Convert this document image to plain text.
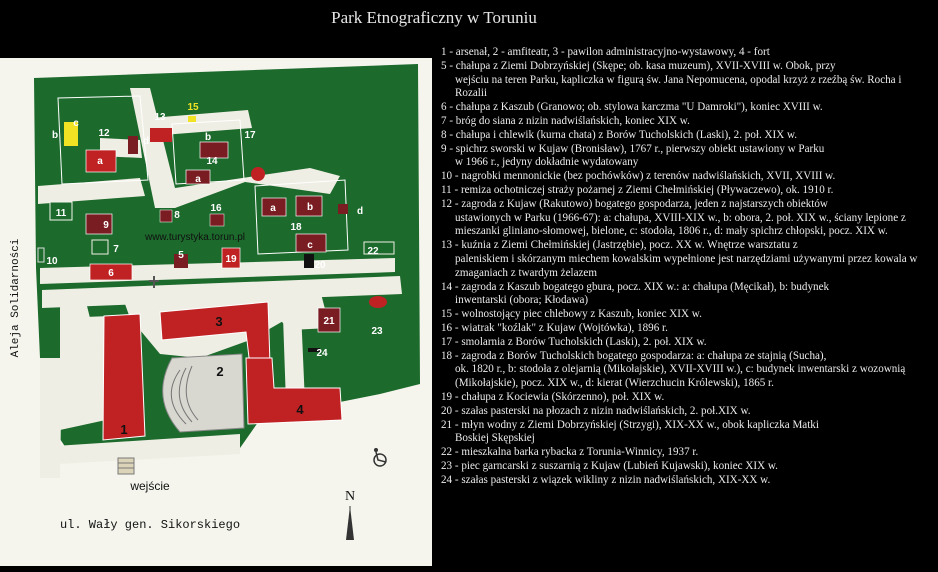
Park Etnograficzny w Toruniu
1
2
3
4
5
6
7
8
9
10
11
12
13
14
15
16
17
18
19
20
21
22
23
24
b
a
d
c
a
b
a	b
c
d
www.turystyka.torun.pl
wejście
ul. Wały gen. Sikorskiego
N
Aleja Solidarności
1 - arsenał, 2 - amfiteatr, 3 - pawilon administracyjno-wystawowy, 4 - fort
5 - chałupa z Ziemi Dobrzyńskiej (Skępe; ob. kasa muzeum), XVII-XVIII w. Obok, przy
wejściu na teren Parku, kapliczka w figurą św. Jana Nepomucena, opodal krzyż z rzeźbą św. Rocha i Rozalii
6 - chałupa z Kaszub (Granowo; ob. stylowa karczma "U Damroki"), koniec XVIII w.
7 - bróg do siana z nizin nadwiślańskich, koniec XIX w.
8 - chałupa i chlewik (kurna chata) z Borów Tucholskich (Laski), 2. poł. XIX w.
9 - spichrz sworski w Kujaw (Bronisław), 1767 r., pierwszy obiekt ustawiony w Parku
w 1966 r., jedyny dokładnie wydatowany
10 - nagrobki mennonickie (bez pochówków) z terenów nadwiślańskich, XVII, XVIII w.
11 - remiza ochotniczej straży pożarnej z Ziemi Chełmińskiej (Pływaczewo), ok. 1910 r.
12 - zagroda z Kujaw (Rakutowo) bogatego gospodarza, jeden z najstarszych obiektów
ustawionych w Parku (1966-67): a: chałupa, XVIII-XIX w., b: obora, 2. poł. XIX w., ściany lepione z mieszanki gliniano-słomowej, bielone, c: stodoła, 1806 r., d: mały spichrz chłopski, pocz. XIX w.
13 - kuźnia z Ziemi Chełmińskiej (Jastrzębie), pocz. XX w. Wnętrze warsztatu z
paleniskiem i skórzanym miechem kowalskim wypełnione jest narzędziami używanymi przez kowala w zmaganiach z twardym żelazem
14 - zagroda z Kaszub bogatego gbura, pocz. XIX w.: a: chałupa (Męcikał), b: budynek
inwentarski (obora; Kłodawa)
15 - wolnostojący piec chlebowy z Kaszub, koniec XIX w.
16 - wiatrak "koźlak" z Kujaw (Wojtówka), 1896 r.
17 - smolarnia z Borów Tucholskich (Laski), 2. poł. XIX w.
18 - zagroda z Borów Tucholskich bogatego gospodarza: a: chałupa ze stajnią (Sucha),
ok. 1820 r., b: stodoła z olejarnią (Mikołajskie), XVII-XVIII w.), c: budynek inwentarski z wozownią (Mikołajskie), pocz. XIX w., d: kierat (Wierzchucin Królewski), 1865 r.
19 - chałupa z Kociewia (Skórzenno), poł. XIX w.
20 - szałas pasterski na płozach z nizin nadwiślańskich, 2. poł.XIX w.
21 - młyn wodny z Ziemi Dobrzyńskiej (Strzygi), XIX-XX w., obok kapliczka Matki
Boskiej Skępskiej
22 - mieszkalna barka rybacka z Torunia-Winnicy, 1937 r.
23 - piec garncarski z suszarnią z Kujaw (Lubień Kujawski), koniec XIX w.
24 - szałas pasterski z wiązek wikliny z nizin nadwiślańskich, XIX-XX w.
